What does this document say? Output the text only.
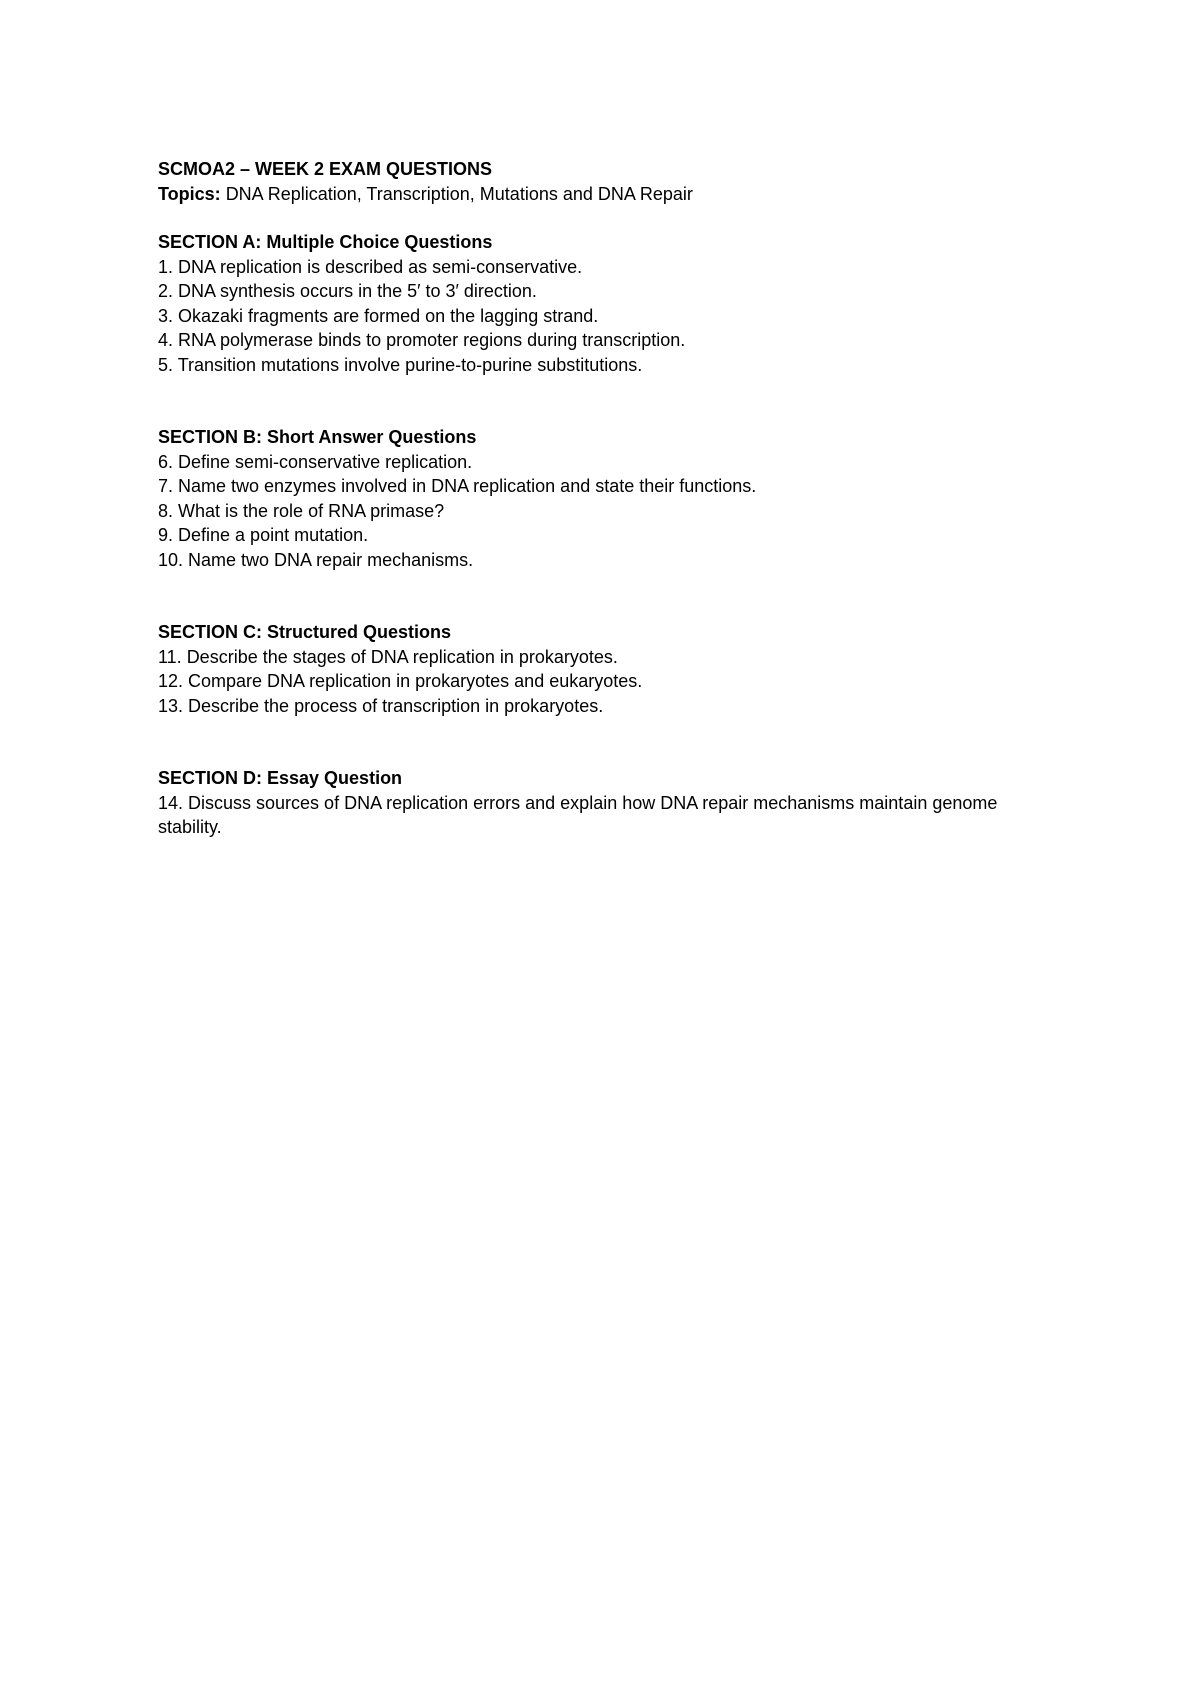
SCMOA2 – WEEK 2 EXAM QUESTIONS

Topics: DNA Replication, Transcription, Mutations and DNA Repair

SECTION A: Multiple Choice Questions

1. DNA replication is described as semi-conservative.
2. DNA synthesis occurs in the 5′ to 3′ direction.
3. Okazaki fragments are formed on the lagging strand.
4. RNA polymerase binds to promoter regions during transcription.
5. Transition mutations involve purine-to-purine substitutions.

SECTION B: Short Answer Questions

6. Define semi-conservative replication.
7. Name two enzymes involved in DNA replication and state their functions.
8. What is the role of RNA primase?
9. Define a point mutation.
10. Name two DNA repair mechanisms.

SECTION C: Structured Questions

11. Describe the stages of DNA replication in prokaryotes.
12. Compare DNA replication in prokaryotes and eukaryotes.
13. Describe the process of transcription in prokaryotes.

SECTION D: Essay Question

14. Discuss sources of DNA replication errors and explain how DNA repair mechanisms maintain genome stability.
